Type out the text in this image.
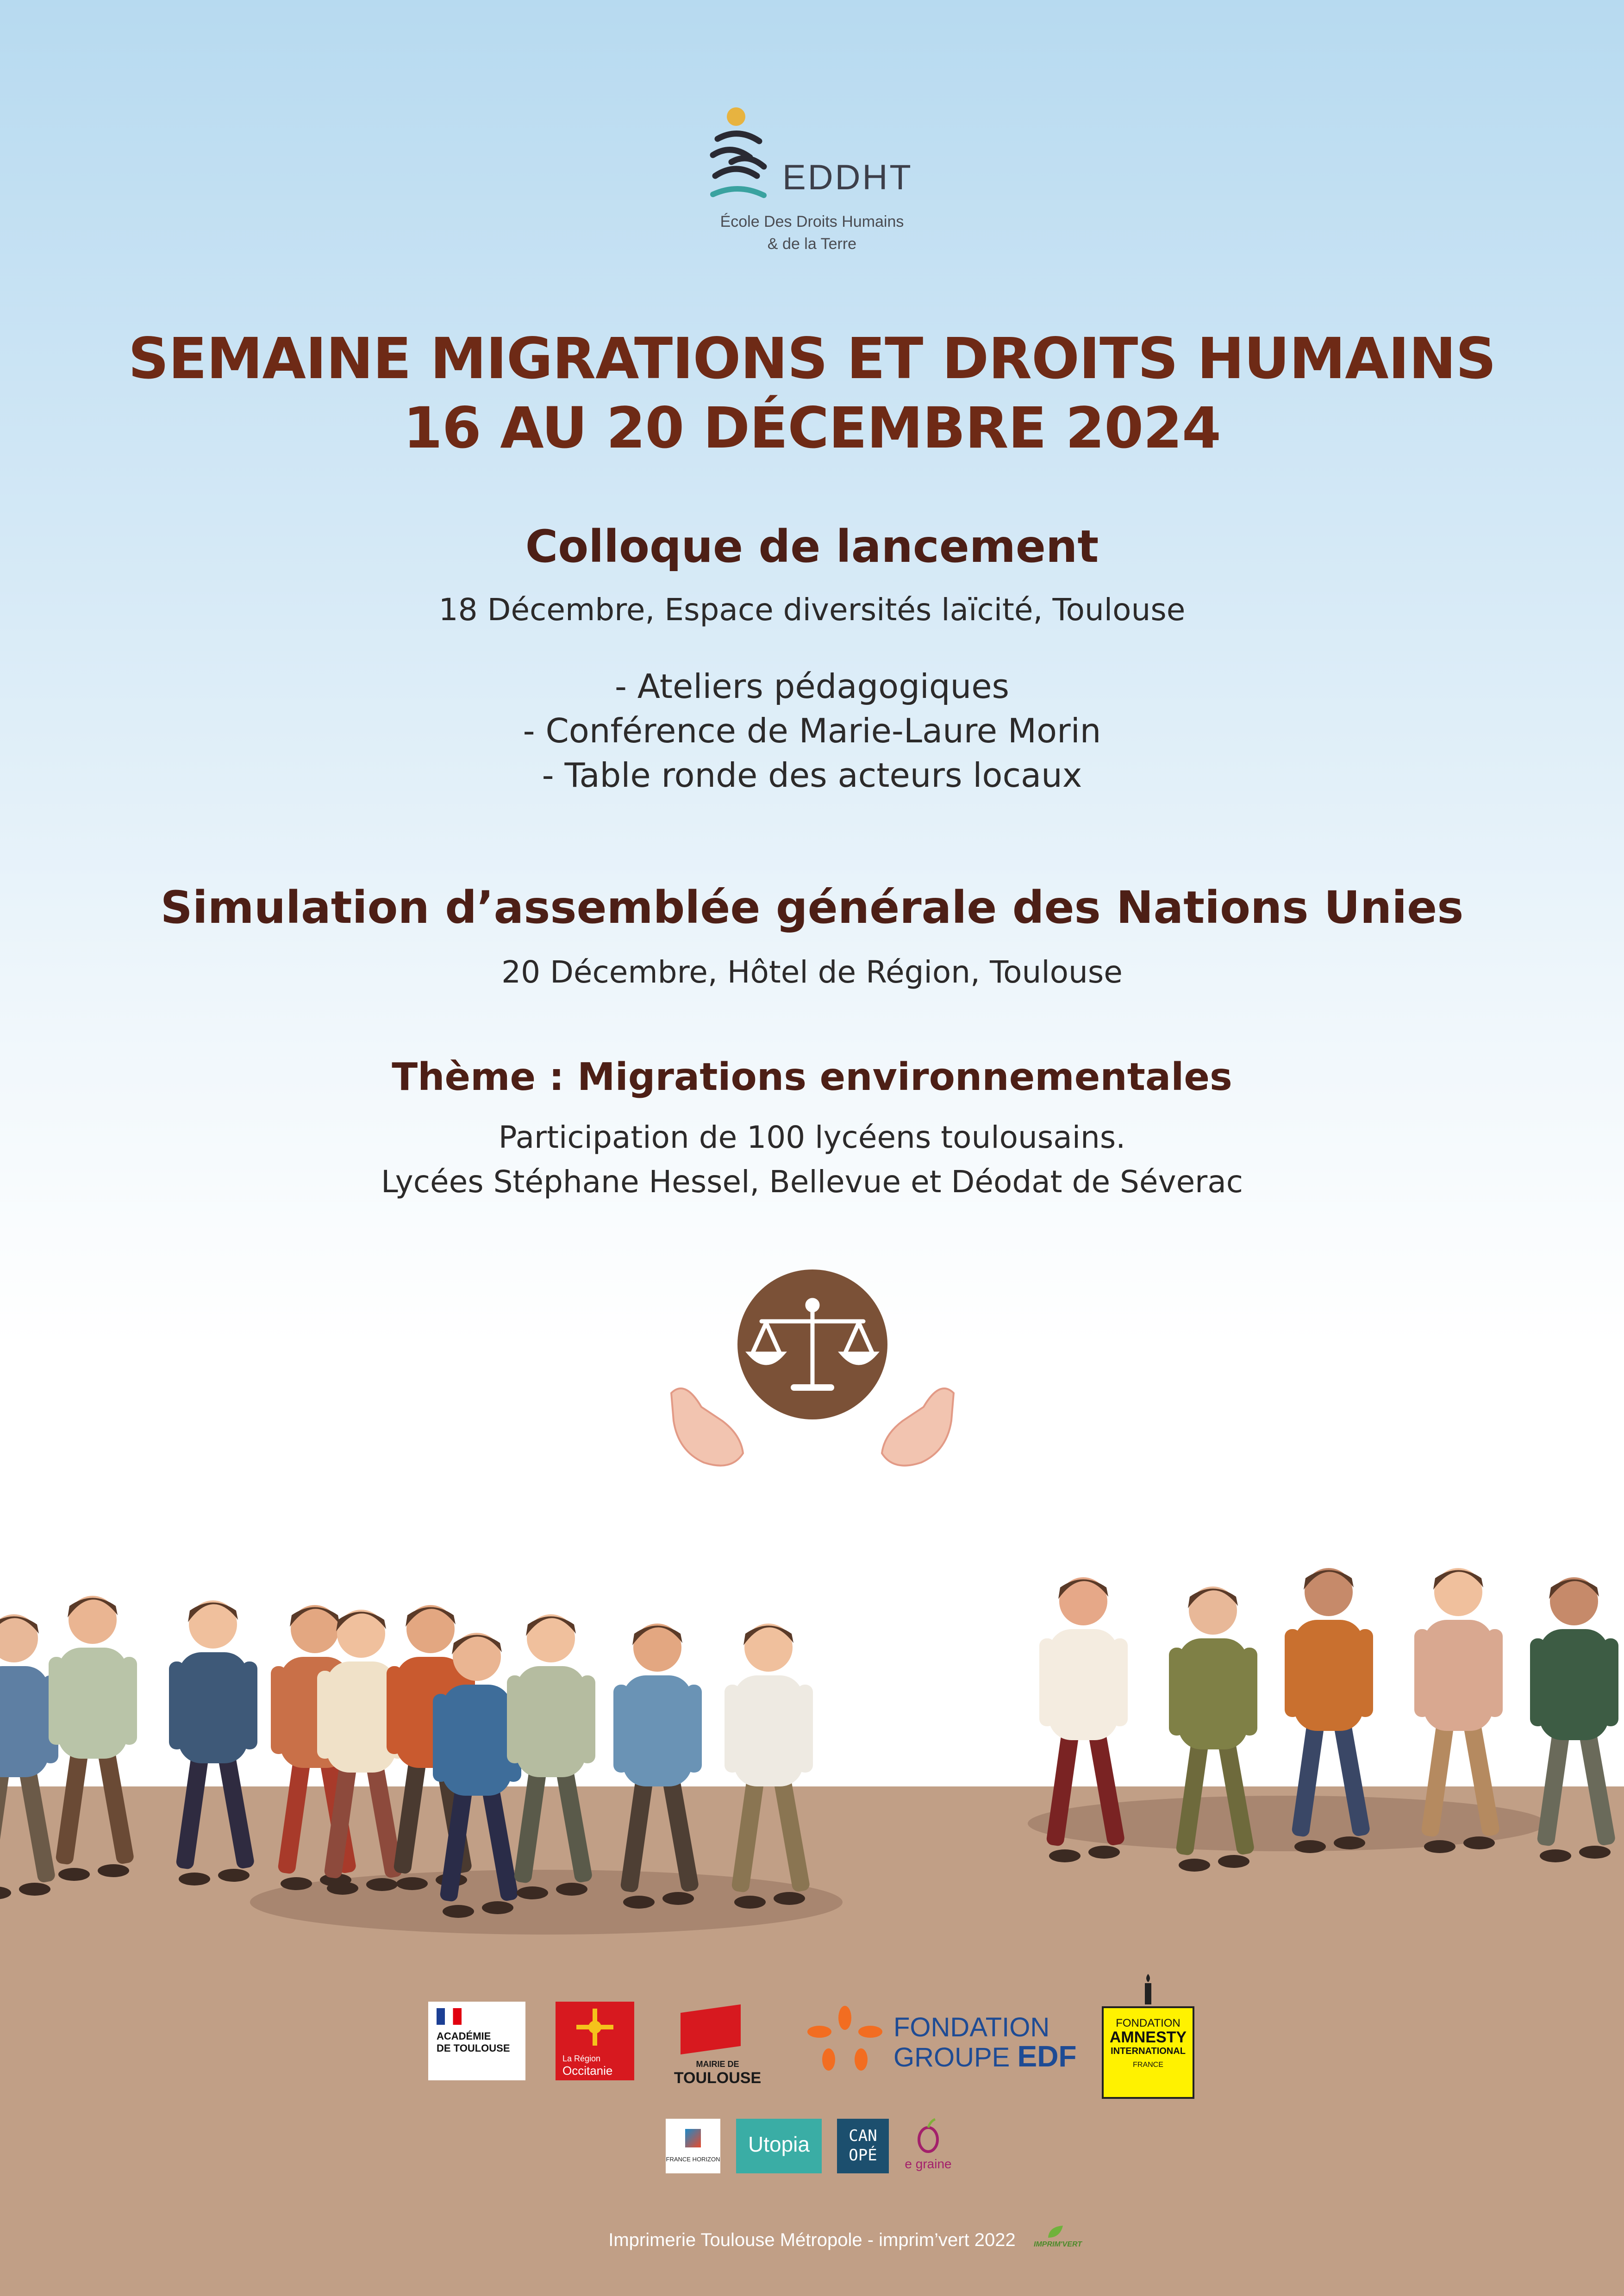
EDDHT
École Des Droits Humains
& de la Terre
SEMAINE MIGRATIONS ET DROITS HUMAINS
16 AU 20 DÉCEMBRE 2024
Colloque de lancement
18 Décembre, Espace diversités laïcité, Toulouse
- Ateliers pédagogiques
- Conférence de Marie-Laure Morin
- Table ronde des acteurs locaux
Simulation d’assemblée générale des Nations Unies
20 Décembre, Hôtel de Région, Toulouse
Thème : Migrations environnementales
Participation de 100 lycéens toulousains.
Lycées Stéphane Hessel, Bellevue et Déodat de Séverac
ACADÉMIE
DE TOULOUSE
La Région
Occitanie	MAIRIE DE
TOULOUSE
FONDATION
GROUPE EDF
FONDATION
AMNESTY
INTERNATIONAL
FRANCE
FRANCE HORIZON
Utopia	CAN
OPÉ	e graine
Imprimerie Toulouse Métropole - imprim’vert 2022	IMPRIM'VERT
